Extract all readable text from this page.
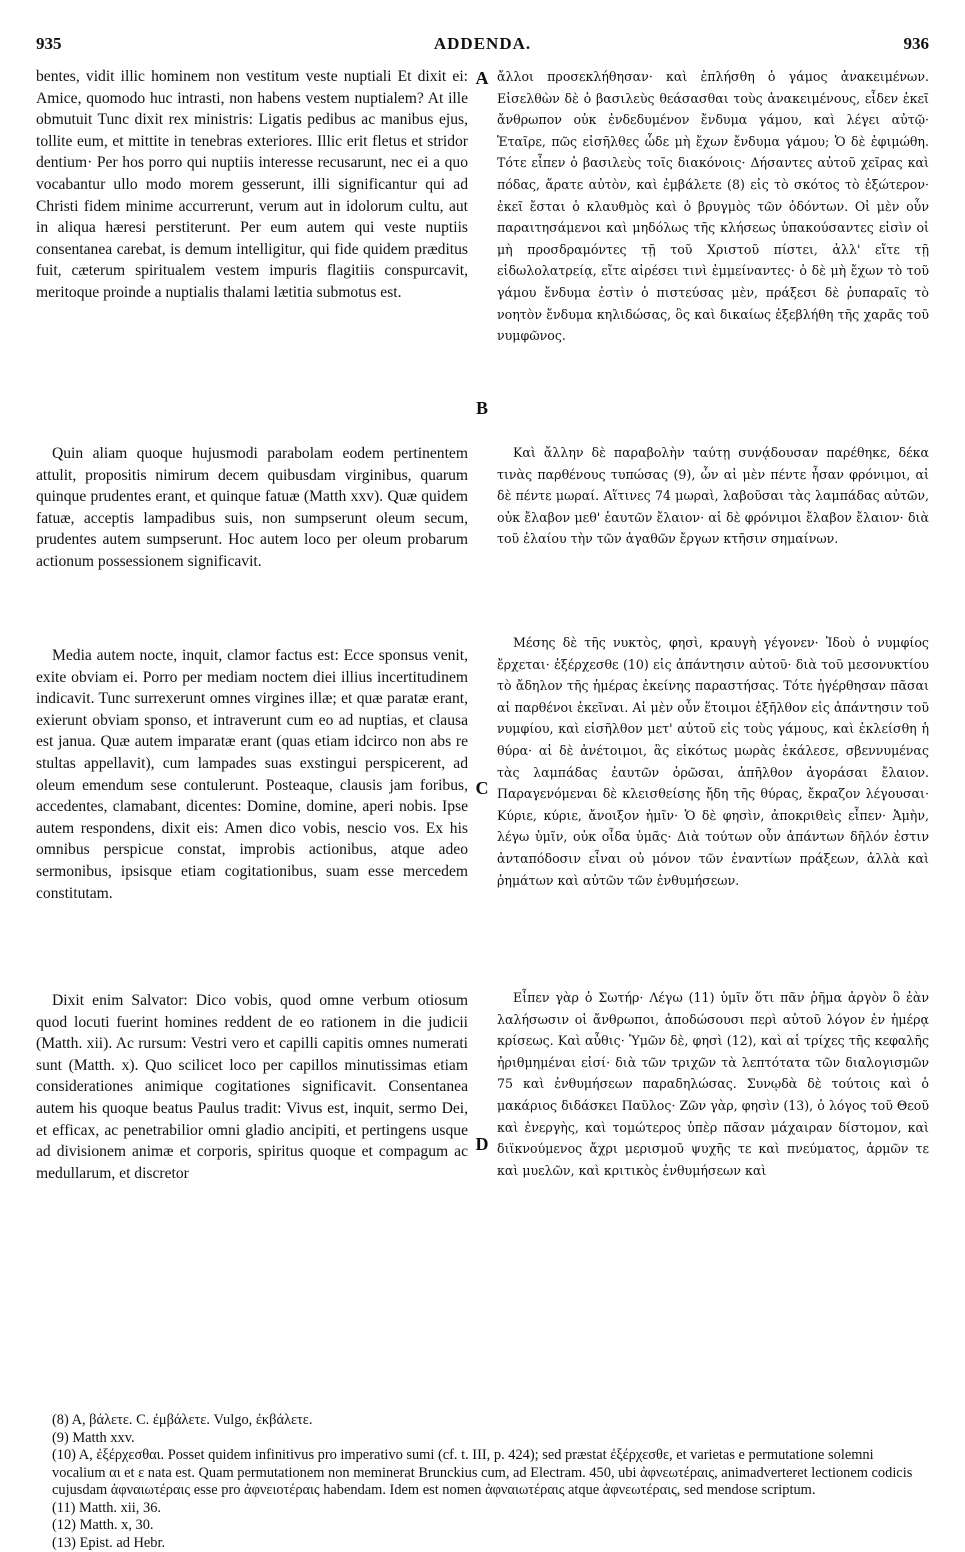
935	ADDENDA.	936

bentes, vidit illic hominem non vestitum veste nuptiali Et dixit ei: Amice, quomodo huc intrasti, non habens vestem nuptialem? At ille obmutuit Tunc dixit rex ministris: Ligatis pedibus ac manibus ejus, tollite eum, et mittite in tenebras exteriores. Illic erit fletus et stridor dentium· Per hos porro qui nuptiis interesse recusarunt, nec ei a quo vocabantur ullo modo morem gesserunt, illi significantur qui ad Christi fidem minime accurrerunt, verum aut in idolorum cultu, aut in aliqua hæresi perstiterunt. Per eum autem qui veste nuptiis consentanea carebat, is demum intelligitur, qui fide quidem præditus fuit, cæterum spiritualem vestem impuris flagitiis conspurcavit, meritoque proinde a nuptialis thalami lætitia submotus est.

Quin aliam quoque hujusmodi parabolam eodem pertinentem attulit, propositis nimirum decem quibusdam virginibus, quarum quinque prudentes erant, et quinque fatuæ (Matth xxv). Quæ quidem fatuæ, acceptis lampadibus suis, non sumpserunt oleum secum, prudentes autem sumpserunt. Hoc autem loco per oleum probarum actionum possessionem significavit.

Media autem nocte, inquit, clamor factus est: Ecce sponsus venit, exite obviam ei. Porro per mediam noctem diei illius incertitudinem indicavit. Tunc surrexerunt omnes virgines illæ; et quæ paratæ erant, exierunt obviam sponso, et intraverunt cum eo ad nuptias, et clausa est janua. Quæ autem imparatæ erant (quas etiam idcirco non abs re stultas appellavit), cum lampades suas exstingui perspicerent, ad oleum emendum sese contulerunt. Posteaque, clausis jam foribus, accedentes, clamabant, dicentes: Domine, domine, aperi nobis. Ipse autem respondens, dixit eis: Amen dico vobis, nescio vos. Ex his omnibus perspicue constat, improbis actionibus, atque adeo sermonibus, ipsisque etiam cogitationibus, suam esse mercedem constitutam.

Dixit enim Salvator: Dico vobis, quod omne verbum otiosum quod locuti fuerint homines reddent de eo rationem in die judicii (Matth. xii). Ac rursum: Vestri vero et capilli capitis omnes numerati sunt (Matth. x). Quo scilicet loco per capillos minutissimas etiam considerationes animique cogitationes significavit. Consentanea autem his quoque beatus Paulus tradit: Vivus est, inquit, sermo Dei, et efficax, ac penetrabilior omni gladio ancipiti, et pertingens usque ad divisionem animæ et corporis, spiritus quoque et compagum ac medullarum, et discretor

A
B
C
D

ἄλλοι προσεκλήθησαν· καὶ ἐπλήσθη ὁ γάμος ἀνακειμένων. Εἰσελθὼν δὲ ὁ βασιλεὺς θεάσασθαι τοὺς ἀνακειμένους, εἶδεν ἐκεῖ ἄνθρωπον οὐκ ἐνδεδυμένον ἔνδυμα γάμου, καὶ λέγει αὐτῷ· Ἑταῖρε, πῶς εἰσῆλθες ὧδε μὴ ἔχων ἔνδυμα γάμου; Ὁ δὲ ἐφιμώθη. Τότε εἶπεν ὁ βασιλεὺς τοῖς διακόνοις· Δήσαντες αὐτοῦ χεῖρας καὶ πόδας, ἄρατε αὐτὸν, καὶ ἐμβάλετε (8) εἰς τὸ σκότος τὸ ἐξώτερον· ἐκεῖ ἔσται ὁ κλαυθμὸς καὶ ὁ βρυγμὸς τῶν ὀδόντων. Οἱ μὲν οὖν παραιτησάμενοι καὶ μηδόλως τῆς κλήσεως ὑπακούσαντες εἰσὶν οἱ μὴ προσδραμόντες τῇ τοῦ Χριστοῦ πίστει, ἀλλ' εἴτε τῇ εἰδωλολατρείᾳ, εἴτε αἱρέσει τινὶ ἐμμείναντες· ὁ δὲ μὴ ἔχων τὸ τοῦ γάμου ἔνδυμα ἐστὶν ὁ πιστεύσας μὲν, πράξεσι δὲ ῥυπαραῖς τὸ νοητὸν ἔνδυμα κηλιδώσας, ὃς καὶ δικαίως ἐξεβλήθη τῆς χαρᾶς τοῦ νυμφῶνος.

Καὶ ἄλλην δὲ παραβολὴν ταύτῃ συνᾴδουσαν παρέθηκε, δέκα τινὰς παρθένους τυπώσας (9), ὧν αἱ μὲν πέντε ἦσαν φρόνιμοι, αἱ δὲ πέντε μωραί. Αἵτινες 74 μωραὶ, λαβοῦσαι τὰς λαμπάδας αὐτῶν, οὐκ ἔλαβον μεθ' ἑαυτῶν ἔλαιον· αἱ δὲ φρόνιμοι ἔλαβον ἔλαιον· διὰ τοῦ ἐλαίου τὴν τῶν ἀγαθῶν ἔργων κτῆσιν σημαίνων.

Μέσης δὲ τῆς νυκτὸς, φησὶ, κραυγὴ γέγονεν· Ἰδοὺ ὁ νυμφίος ἔρχεται· ἐξέρχεσθε (10) εἰς ἀπάντησιν αὐτοῦ· διὰ τοῦ μεσονυκτίου τὸ ἄδηλον τῆς ἡμέρας ἐκείνης παραστήσας. Τότε ἠγέρθησαν πᾶσαι αἱ παρθένοι ἐκεῖναι. Αἱ μὲν οὖν ἕτοιμοι ἐξῆλθον εἰς ἀπάντησιν τοῦ νυμφίου, καὶ εἰσῆλθον μετ' αὐτοῦ εἰς τοὺς γάμους, καὶ ἐκλείσθη ἡ θύρα· αἱ δὲ ἀνέτοιμοι, ἃς εἰκότως μωρὰς ἐκάλεσε, σβεννυμένας τὰς λαμπάδας ἑαυτῶν ὁρῶσαι, ἀπῆλθον ἀγοράσαι ἔλαιον. Παραγενόμεναι δὲ κλεισθείσης ἤδη τῆς θύρας, ἔκραζον λέγουσαι· Κύριε, κύριε, ἄνοιξον ἡμῖν· Ὁ δὲ φησὶν, ἀποκριθεὶς εἶπεν· Ἀμὴν, λέγω ὑμῖν, οὐκ οἶδα ὑμᾶς· Διὰ τούτων οὖν ἁπάντων δῆλόν ἐστιν ἀνταπόδοσιν εἶναι οὐ μόνον τῶν ἐναντίων πράξεων, ἀλλὰ καὶ ῥημάτων καὶ αὐτῶν τῶν ἐνθυμήσεων.

Εἶπεν γὰρ ὁ Σωτήρ· Λέγω (11) ὑμῖν ὅτι πᾶν ῥῆμα ἀργὸν ὃ ἐὰν λαλήσωσιν οἱ ἄνθρωποι, ἀποδώσουσι περὶ αὐτοῦ λόγον ἐν ἡμέρᾳ κρίσεως. Καὶ αὖθις· Ὑμῶν δὲ, φησὶ (12), καὶ αἱ τρίχες τῆς κεφαλῆς ἠριθμημέναι εἰσί· διὰ τῶν τριχῶν τὰ λεπτότατα τῶν διαλογισμῶν 75 καὶ ἐνθυμήσεων παραδηλώσας. Συνῳδὰ δὲ τούτοις καὶ ὁ μακάριος διδάσκει Παῦλος· Ζῶν γὰρ, φησὶν (13), ὁ λόγος τοῦ Θεοῦ καὶ ἐνεργὴς, καὶ τομώτερος ὑπὲρ πᾶσαν μάχαιραν δίστομον, καὶ διϊκνούμενος ἄχρι μερισμοῦ ψυχῆς τε καὶ πνεύματος, ἁρμῶν τε καὶ μυελῶν, καὶ κριτικὸς ἐνθυμήσεων καὶ

(8) A, βάλετε. C. ἐμβάλετε. Vulgo, ἐκβάλετε.

(9) Matth xxv.

(10) A, ἐξέρχεσθαι. Posset quidem infinitivus pro imperativo sumi (cf. t. III, p. 424); sed præstat ἐξέρχεσθε, et varietas e permutatione solemni vocalium αι et ε nata est. Quam permutationem non meminerat Brunckius cum, ad Electram. 450, ubi ἀφνεωτέραις, animadverteret lectionem codicis cujusdam ἀφναιωτέραις esse pro ἀφνειοτέραις habendam. Idem est nomen ἀφναιωτέραις atque ἀφνεωτέραις, sed mendose scriptum.

(11) Matth. xii, 36.

(12) Matth. x, 30.

(13) Epist. ad Hebr.
